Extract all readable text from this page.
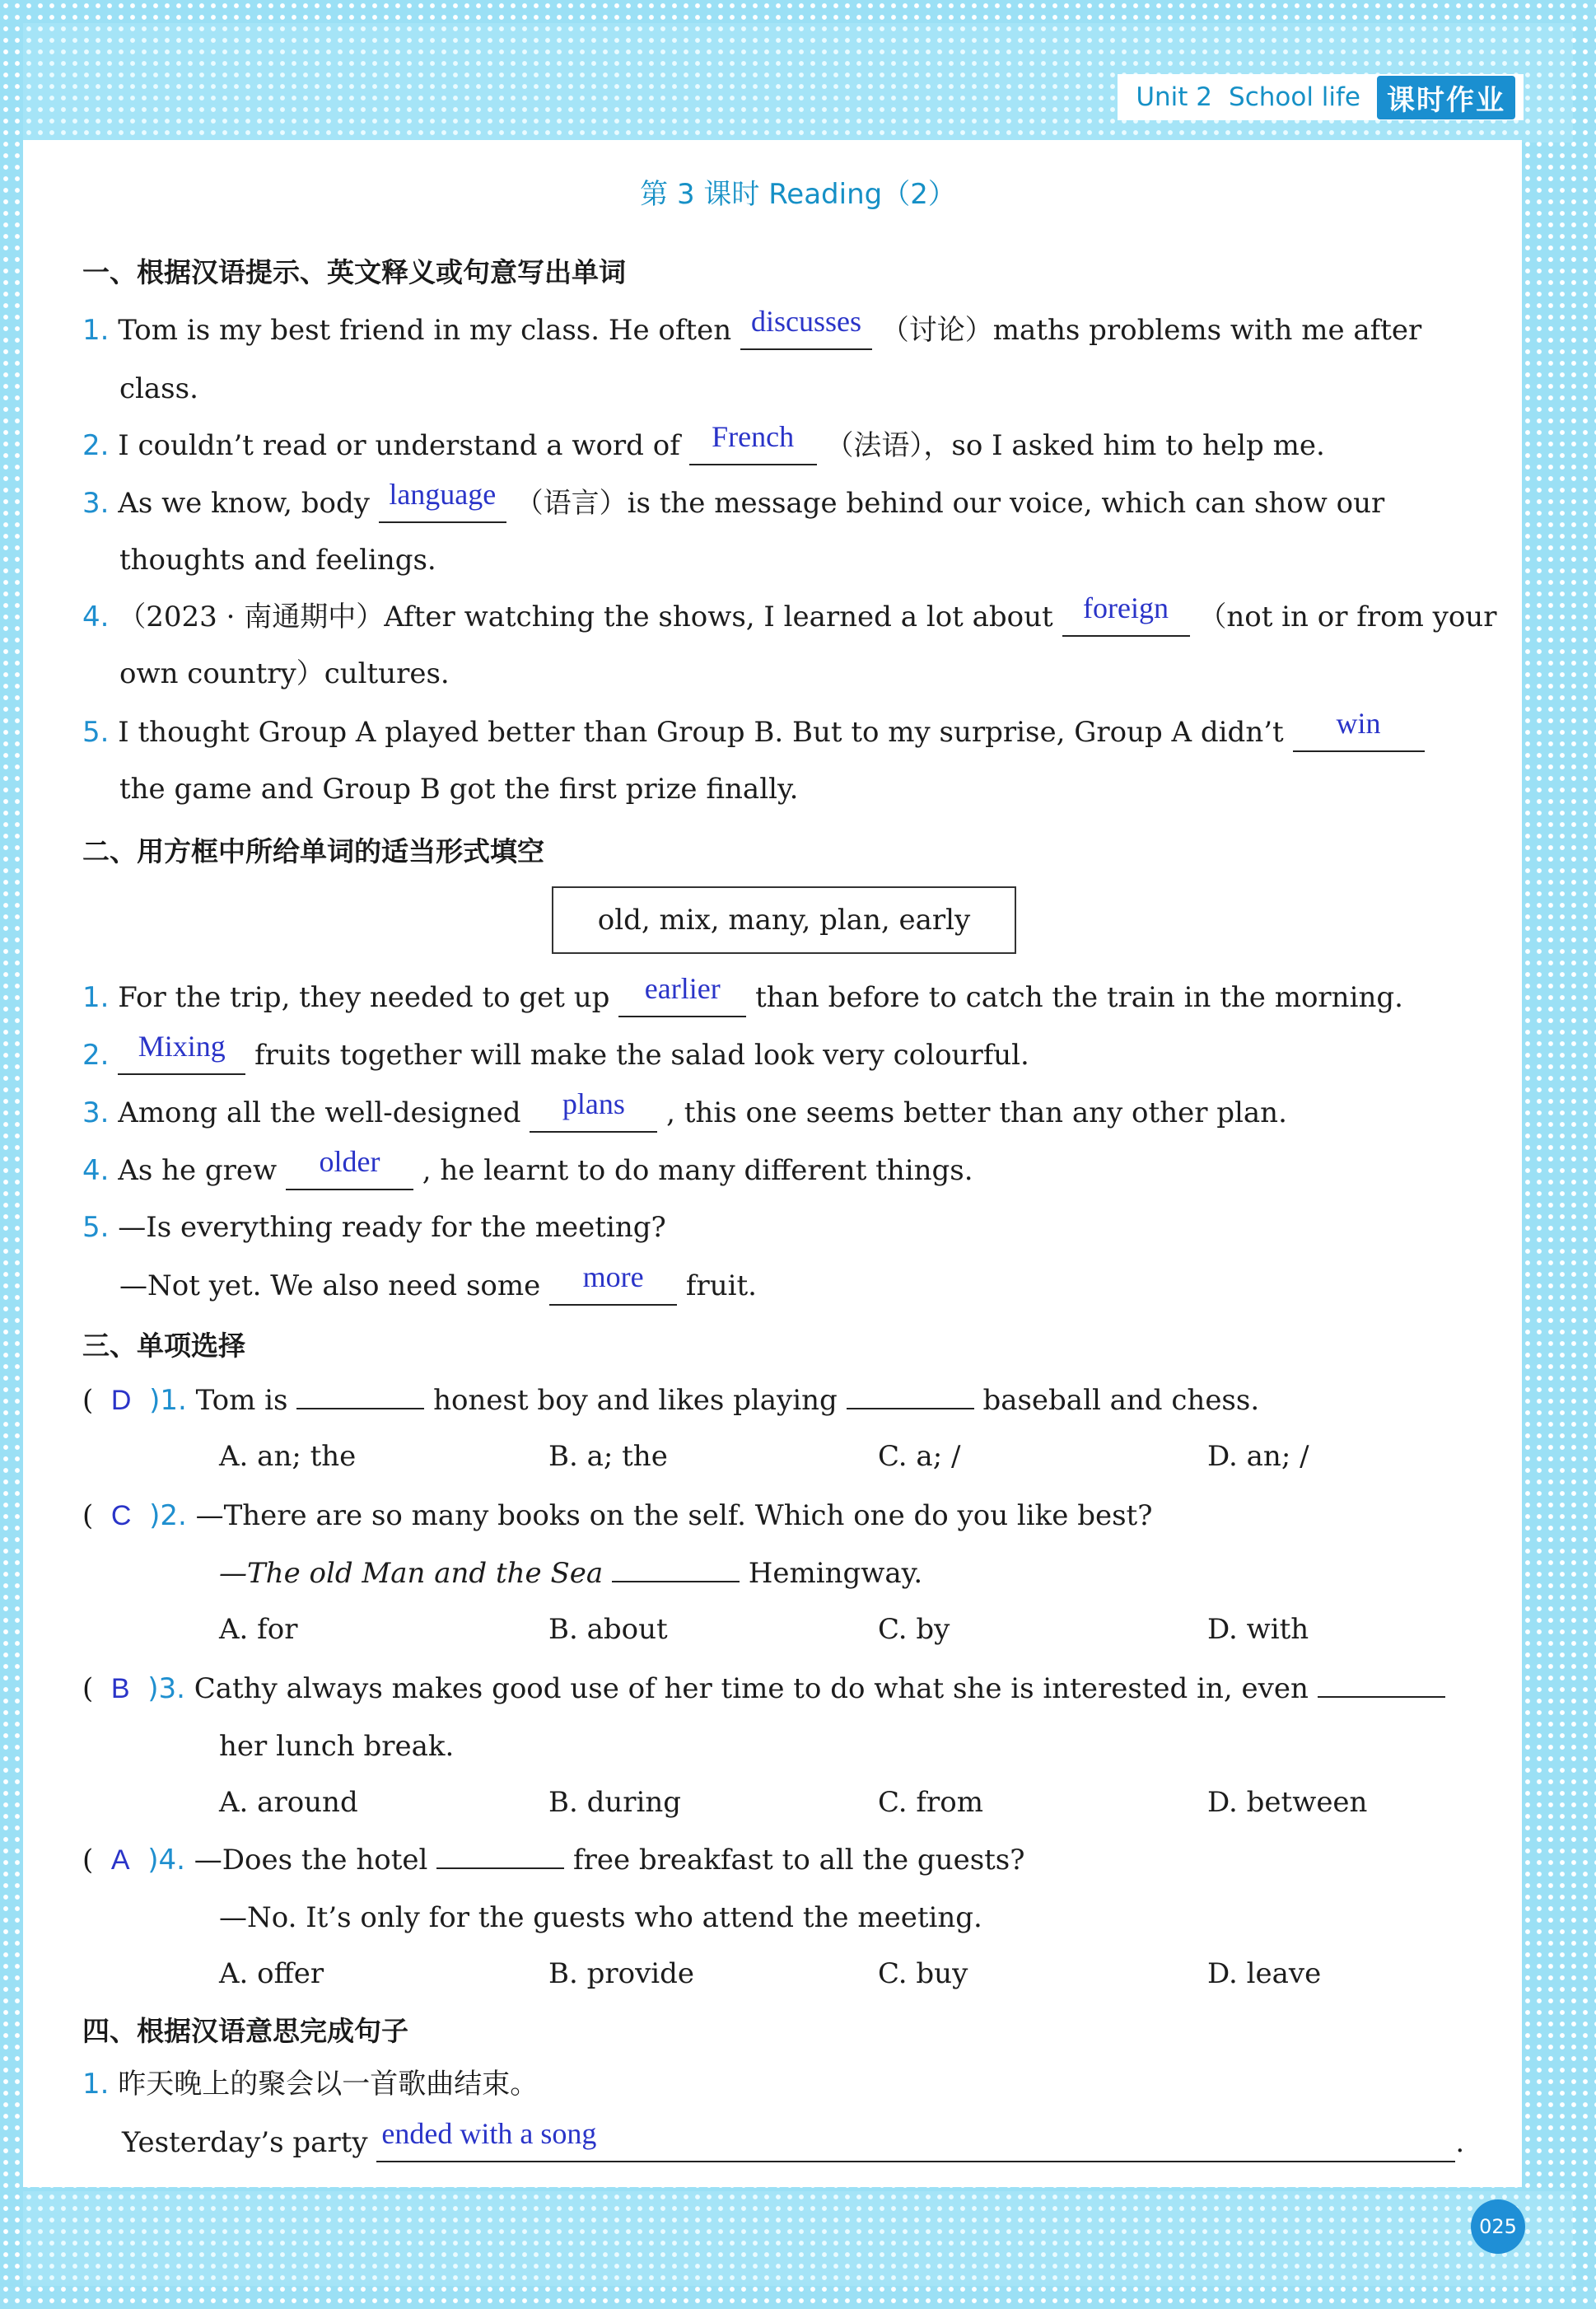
Unit 2 School life 课时作业
第 3 课时 Reading（2）
一、根据汉语提示、英文释义或句意写出单词
1. Tom is my best friend in my class. He often discusses （讨论）maths problems with me after
class.
2. I couldn’t read or understand a word of French （法语），so I asked him to help me.
3. As we know, body language （语言）is the message behind our voice, which can show our
thoughts and feelings.
4. （2023 · 南通期中）After watching the shows, I learned a lot about foreign （not in or from your
own country）cultures.
5. I thought Group A played better than Group B. But to my surprise, Group A didn’t win
the game and Group B got the first prize finally.
二、用方框中所给单词的适当形式填空
old, mix, many, plan, early
1. For the trip, they needed to get up earlier than before to catch the train in the morning.
2. Mixing fruits together will make the salad look very colourful.
3. Among all the well-designed plans , this one seems better than any other plan.
4. As he grew older , he learnt to do many different things.
5. —Is everything ready for the meeting?
—Not yet. We also need some more fruit.
三、单项选择
(  D )1. Tom is	honest boy and likes playing	baseball and chess.
A. an; the	B. a; the	C. a; /	D. an; /
(  C )2. —There are so many books on the self. Which one do you like best?
—The old Man and the Sea	Hemingway.
A. for	B. about	C. by	D. with
(  B )3. Cathy always makes good use of her time to do what she is interested in, even
her lunch break.
A. around	B. during	C. from	D. between
(  A )4. —Does the hotel	free breakfast to all the guests?
—No. It’s only for the guests who attend the meeting.
A. offer	B. provide	C. buy	D. leave
四、根据汉语意思完成句子
1. 昨天晚上的聚会以一首歌曲结束。
Yesterday’s party ended with a song	.
025
